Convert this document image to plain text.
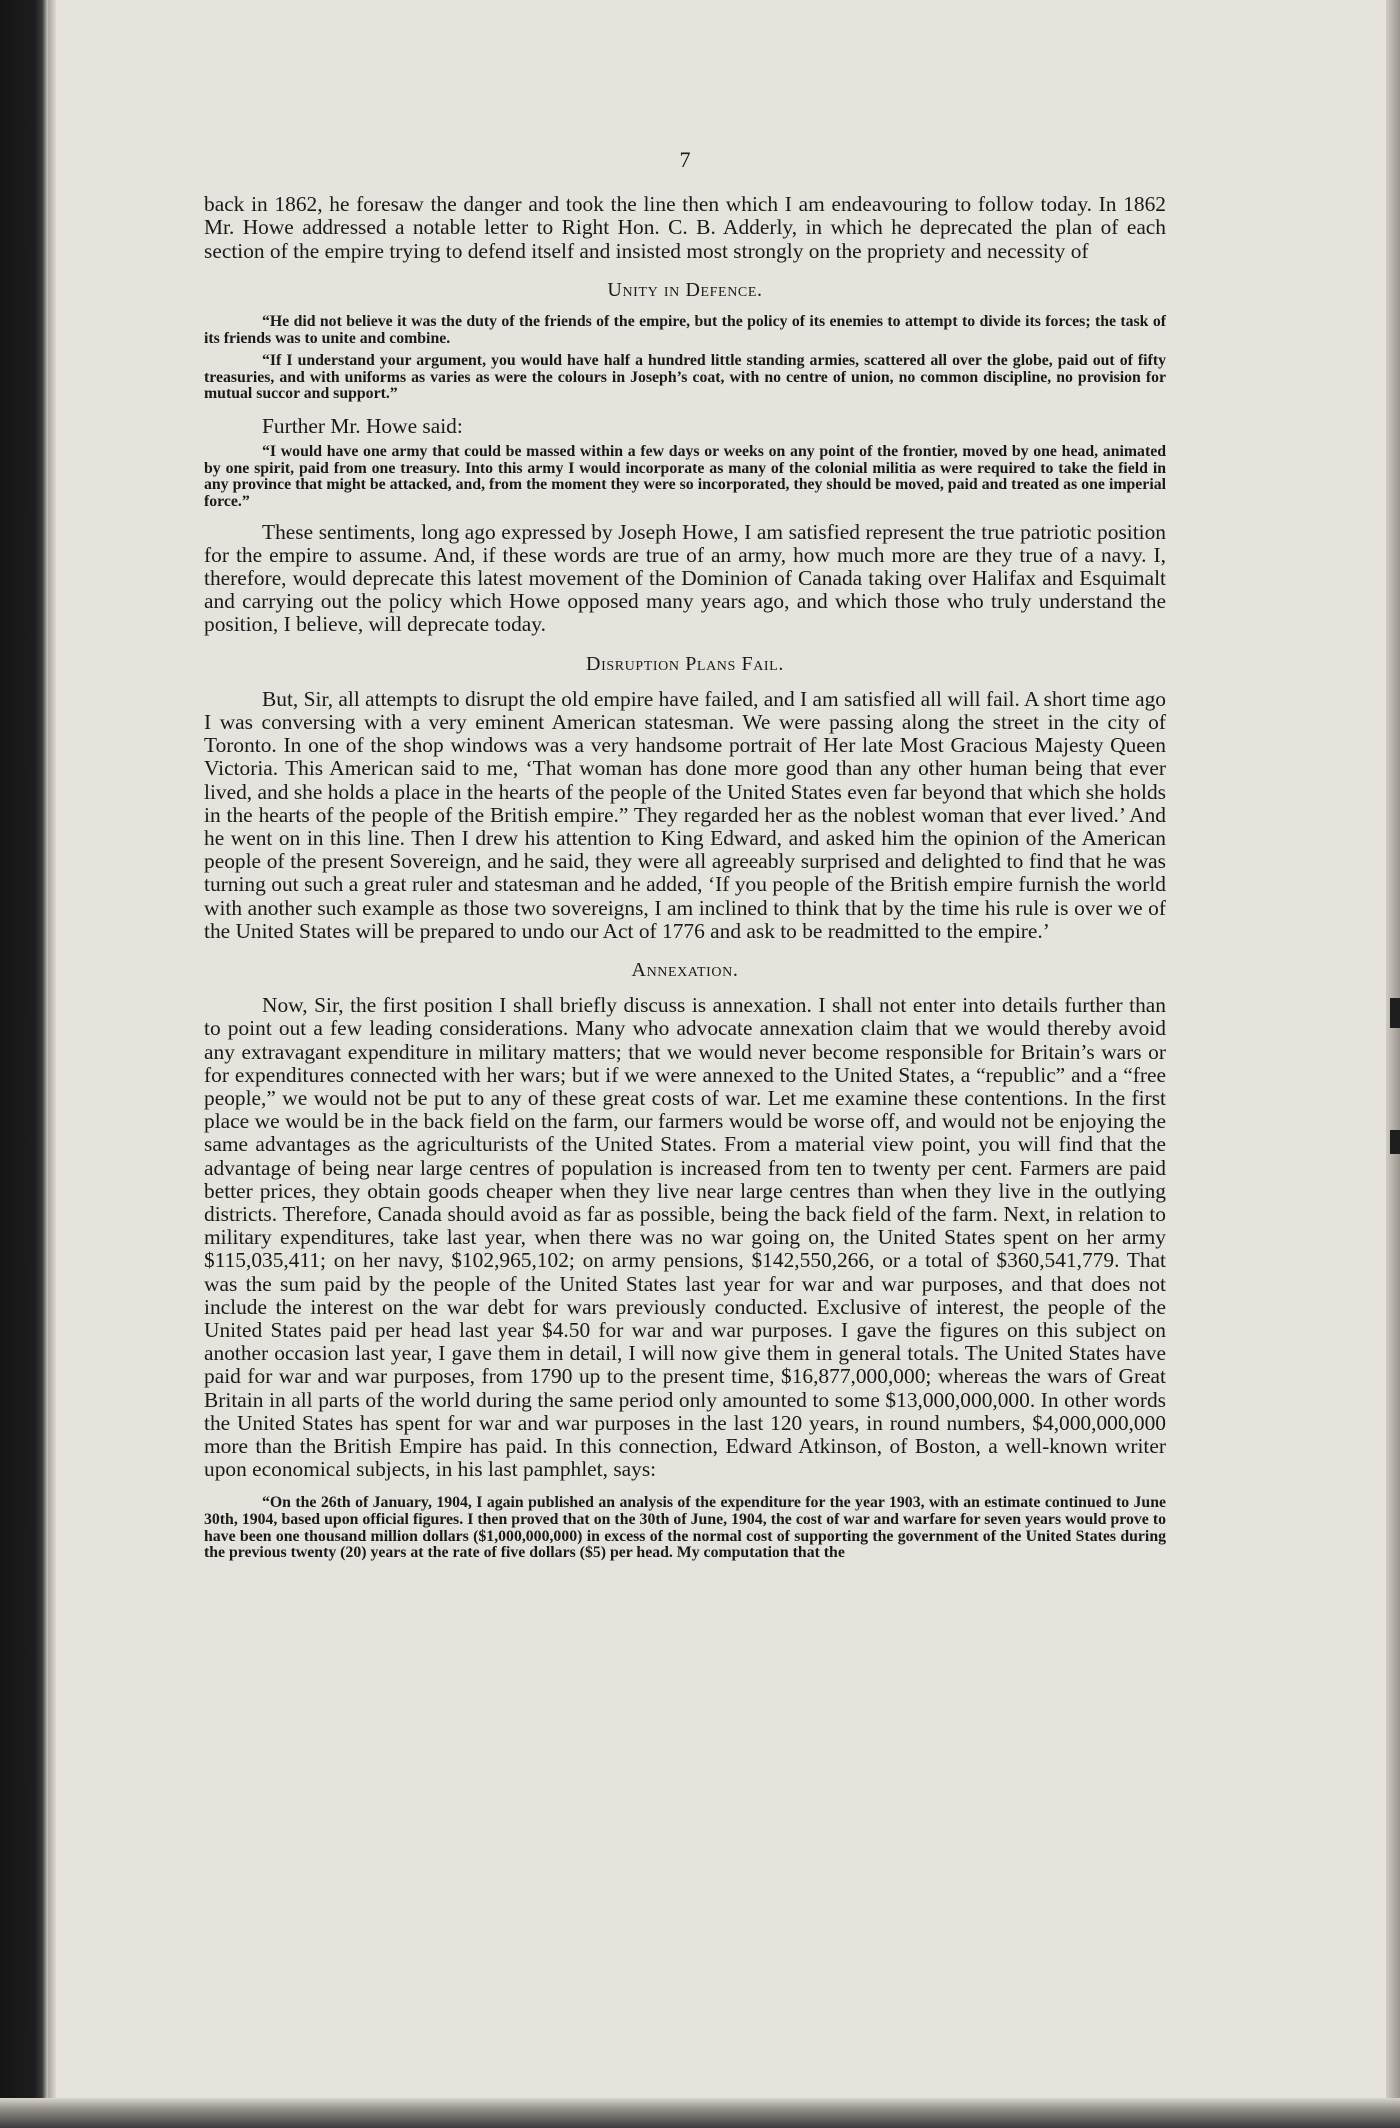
7

back in 1862, he foresaw the danger and took the line then which I am endeavouring to follow today. In 1862 Mr. Howe addressed a notable letter to Right Hon. C. B. Adderly, in which he deprecated the plan of each section of the empire trying to defend itself and insisted most strongly on the propriety and necessity of

Unity in Defence.

“He did not believe it was the duty of the friends of the empire, but the policy of its enemies to attempt to divide its forces; the task of its friends was to unite and combine.

“If I understand your argument, you would have half a hundred little standing armies, scattered all over the globe, paid out of fifty treasuries, and with uniforms as varies as were the colours in Joseph’s coat, with no centre of union, no common discipline, no provision for mutual succor and support.”

Further Mr. Howe said:

“I would have one army that could be massed within a few days or weeks on any point of the frontier, moved by one head, animated by one spirit, paid from one treasury. Into this army I would incorporate as many of the colonial militia as were required to take the field in any province that might be attacked, and, from the moment they were so incorporated, they should be moved, paid and treated as one imperial force.”

These sentiments, long ago expressed by Joseph Howe, I am satisfied represent the true patriotic position for the empire to assume. And, if these words are true of an army, how much more are they true of a navy. I, therefore, would deprecate this latest movement of the Dominion of Canada taking over Halifax and Esquimalt and carrying out the policy which Howe opposed many years ago, and which those who truly understand the position, I believe, will deprecate today.

Disruption Plans Fail.

But, Sir, all attempts to disrupt the old empire have failed, and I am satisfied all will fail. A short time ago I was conversing with a very eminent American statesman. We were passing along the street in the city of Toronto. In one of the shop windows was a very handsome portrait of Her late Most Gracious Majesty Queen Victoria. This American said to me, ‘That woman has done more good than any other human being that ever lived, and she holds a place in the hearts of the people of the United States even far beyond that which she holds in the hearts of the people of the British empire.” They regarded her as the noblest woman that ever lived.’ And he went on in this line. Then I drew his attention to King Edward, and asked him the opinion of the American people of the present Sovereign, and he said, they were all agreeably surprised and delighted to find that he was turning out such a great ruler and statesman and he added, ‘If you people of the British empire furnish the world with another such example as those two sovereigns, I am inclined to think that by the time his rule is over we of the United States will be prepared to undo our Act of 1776 and ask to be readmitted to the empire.’

Annexation.

Now, Sir, the first position I shall briefly discuss is annexation. I shall not enter into details further than to point out a few leading considerations. Many who advocate annexation claim that we would thereby avoid any extravagant expenditure in military matters; that we would never become responsible for Britain’s wars or for expenditures connected with her wars; but if we were annexed to the United States, a “republic” and a “free people,” we would not be put to any of these great costs of war. Let me examine these contentions. In the first place we would be in the back field on the farm, our farmers would be worse off, and would not be enjoying the same advantages as the agriculturists of the United States. From a material view point, you will find that the advantage of being near large centres of population is increased from ten to twenty per cent. Farmers are paid better prices, they obtain goods cheaper when they live near large centres than when they live in the outlying districts. Therefore, Canada should avoid as far as possible, being the back field of the farm. Next, in relation to military expenditures, take last year, when there was no war going on, the United States spent on her army $115,035,411; on her navy, $102,965,102; on army pensions, $142,550,266, or a total of $360,541,779. That was the sum paid by the people of the United States last year for war and war purposes, and that does not include the interest on the war debt for wars previously conducted. Exclusive of interest, the people of the United States paid per head last year $4.50 for war and war purposes. I gave the figures on this subject on another occasion last year, I gave them in detail, I will now give them in general totals. The United States have paid for war and war purposes, from 1790 up to the present time, $16,877,000,000; whereas the wars of Great Britain in all parts of the world during the same period only amounted to some $13,000,000,000. In other words the United States has spent for war and war purposes in the last 120 years, in round numbers, $4,000,000,000 more than the British Empire has paid. In this connection, Edward Atkinson, of Boston, a well-known writer upon economical subjects, in his last pamphlet, says:

“On the 26th of January, 1904, I again published an analysis of the expenditure for the year 1903, with an estimate continued to June 30th, 1904, based upon official figures. I then proved that on the 30th of June, 1904, the cost of war and warfare for seven years would prove to have been one thousand million dollars ($1,000,000,000) in excess of the normal cost of supporting the government of the United States during the previous twenty (20) years at the rate of five dollars ($5) per head. My computation that the
